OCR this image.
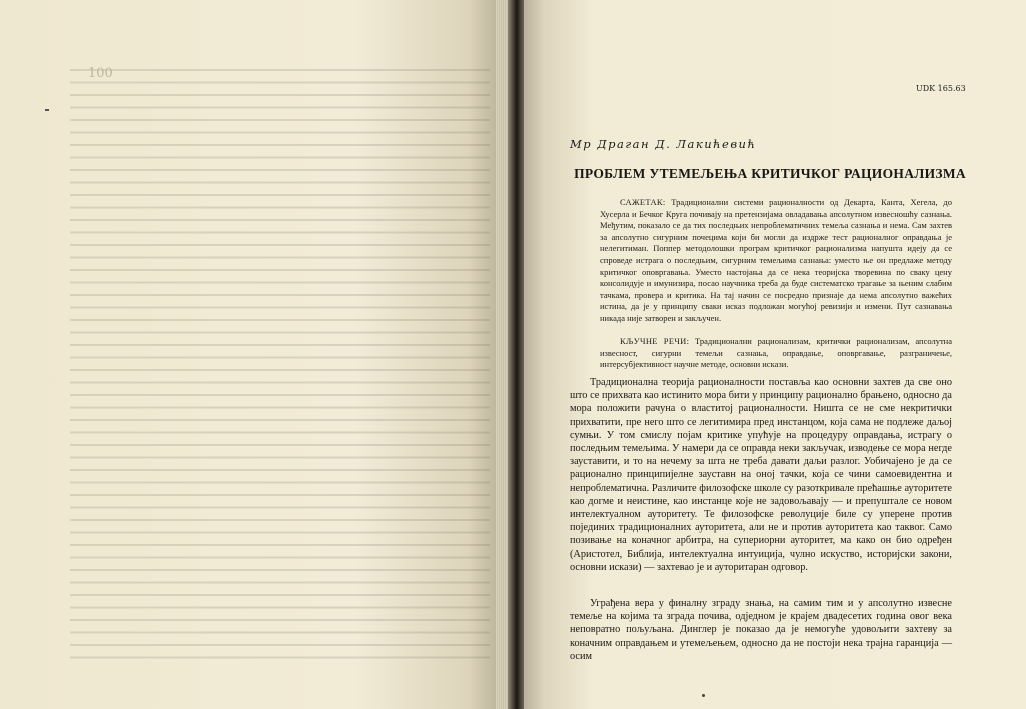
100
UDK 165.63
Мр Драган Д. Лакићевић
ПРОБЛЕМ УТЕМЕЉЕЊА КРИТИЧКОГ РАЦИОНАЛИЗМА
САЖЕТАК: Традиционални системи рационалности од Декарта, Канта, Хегела, до Хусерла и Бечког Круга почивају на претензијама овладавања апсолутном извесношћу сазнања. Међутим, показало се да тих последњих непроблематичних темеља сазнања и нема. Сам захтев за апсолутно сигурним почецима који би могли да издрже тест рационалног оправдања је нелегитиман. Поппер методолошки програм критичког рационализма напушта идеју да се спроведе истрага о последњим, сигурним темељима сазнања: уместо ње он предлаже методу критичког оповргавања. Уместо настојања да се нека теоријска творевина по сваку цену консолидује и имунизира, посао научника треба да буде систематско трагање за њеним слабим тачкама, провера и критика. На тај начин се посредно признаје да нема апсолутно важећих истина, да је у принципу сваки исказ подложан могућој ревизији и измени. Пут сазнавања никада није затворен и закључен.
КЉУЧНЕ РЕЧИ: Традиционални рационализам, критички рационализам, апсолутна извесност, сигурни темељи сазнања, оправдање, оповргавање, разграничење, интерсубјективност научне методе, основни искази.
Традиционална теорија рационалности поставља као основни захтев да све оно што се прихвата као истинито мора бити у принципу рационално брањено, односно да мора положити рачуна о властитој рационалности. Ништа се не сме некритички прихватити, пре него што се легитимира пред инстанцом, која сама не подлеже даљој сумњи. У том смислу појам критике упућује на процедуру оправдања, истрагу о последњим темељима. У намери да се оправда неки закључак, изводење се мора негде зауставити, и то на нечему за шта не треба давати даљи разлог. Уобичајено је да се рационално принципијелне зауставн на оној тачки, која се чини самоевидентна и непроблематична. Различите филозофске школе су разоткривале прећашње ауторитете као догме и неистине, као инстанце које не задовољавају — и препуштале се новом интелектуалном ауторитету. Те филозофске револуције биле су уперене против појединих традиционалних ауторитета, али не и против ауторитета као таквог. Само позивање на коначног арбитра, на супериорни ауторитет, ма како он био одређен (Аристотел, Библија, интелектуална интуиција, чулно искуство, историјски закони, основни искази) — захтевао је и ауторитаран одговор.
Уграђена вера у финалну зграду знања, на самим тим и у апсолутно извесне темеље на којима та зграда почива, одједном је крајем двадесетих година овог века неповратно пољуљана. Динглер је показао да је немогуће удовољити захтеву за коначним оправдањем и утемељењем, односно да не постоји нека трајна гаранција — осим
